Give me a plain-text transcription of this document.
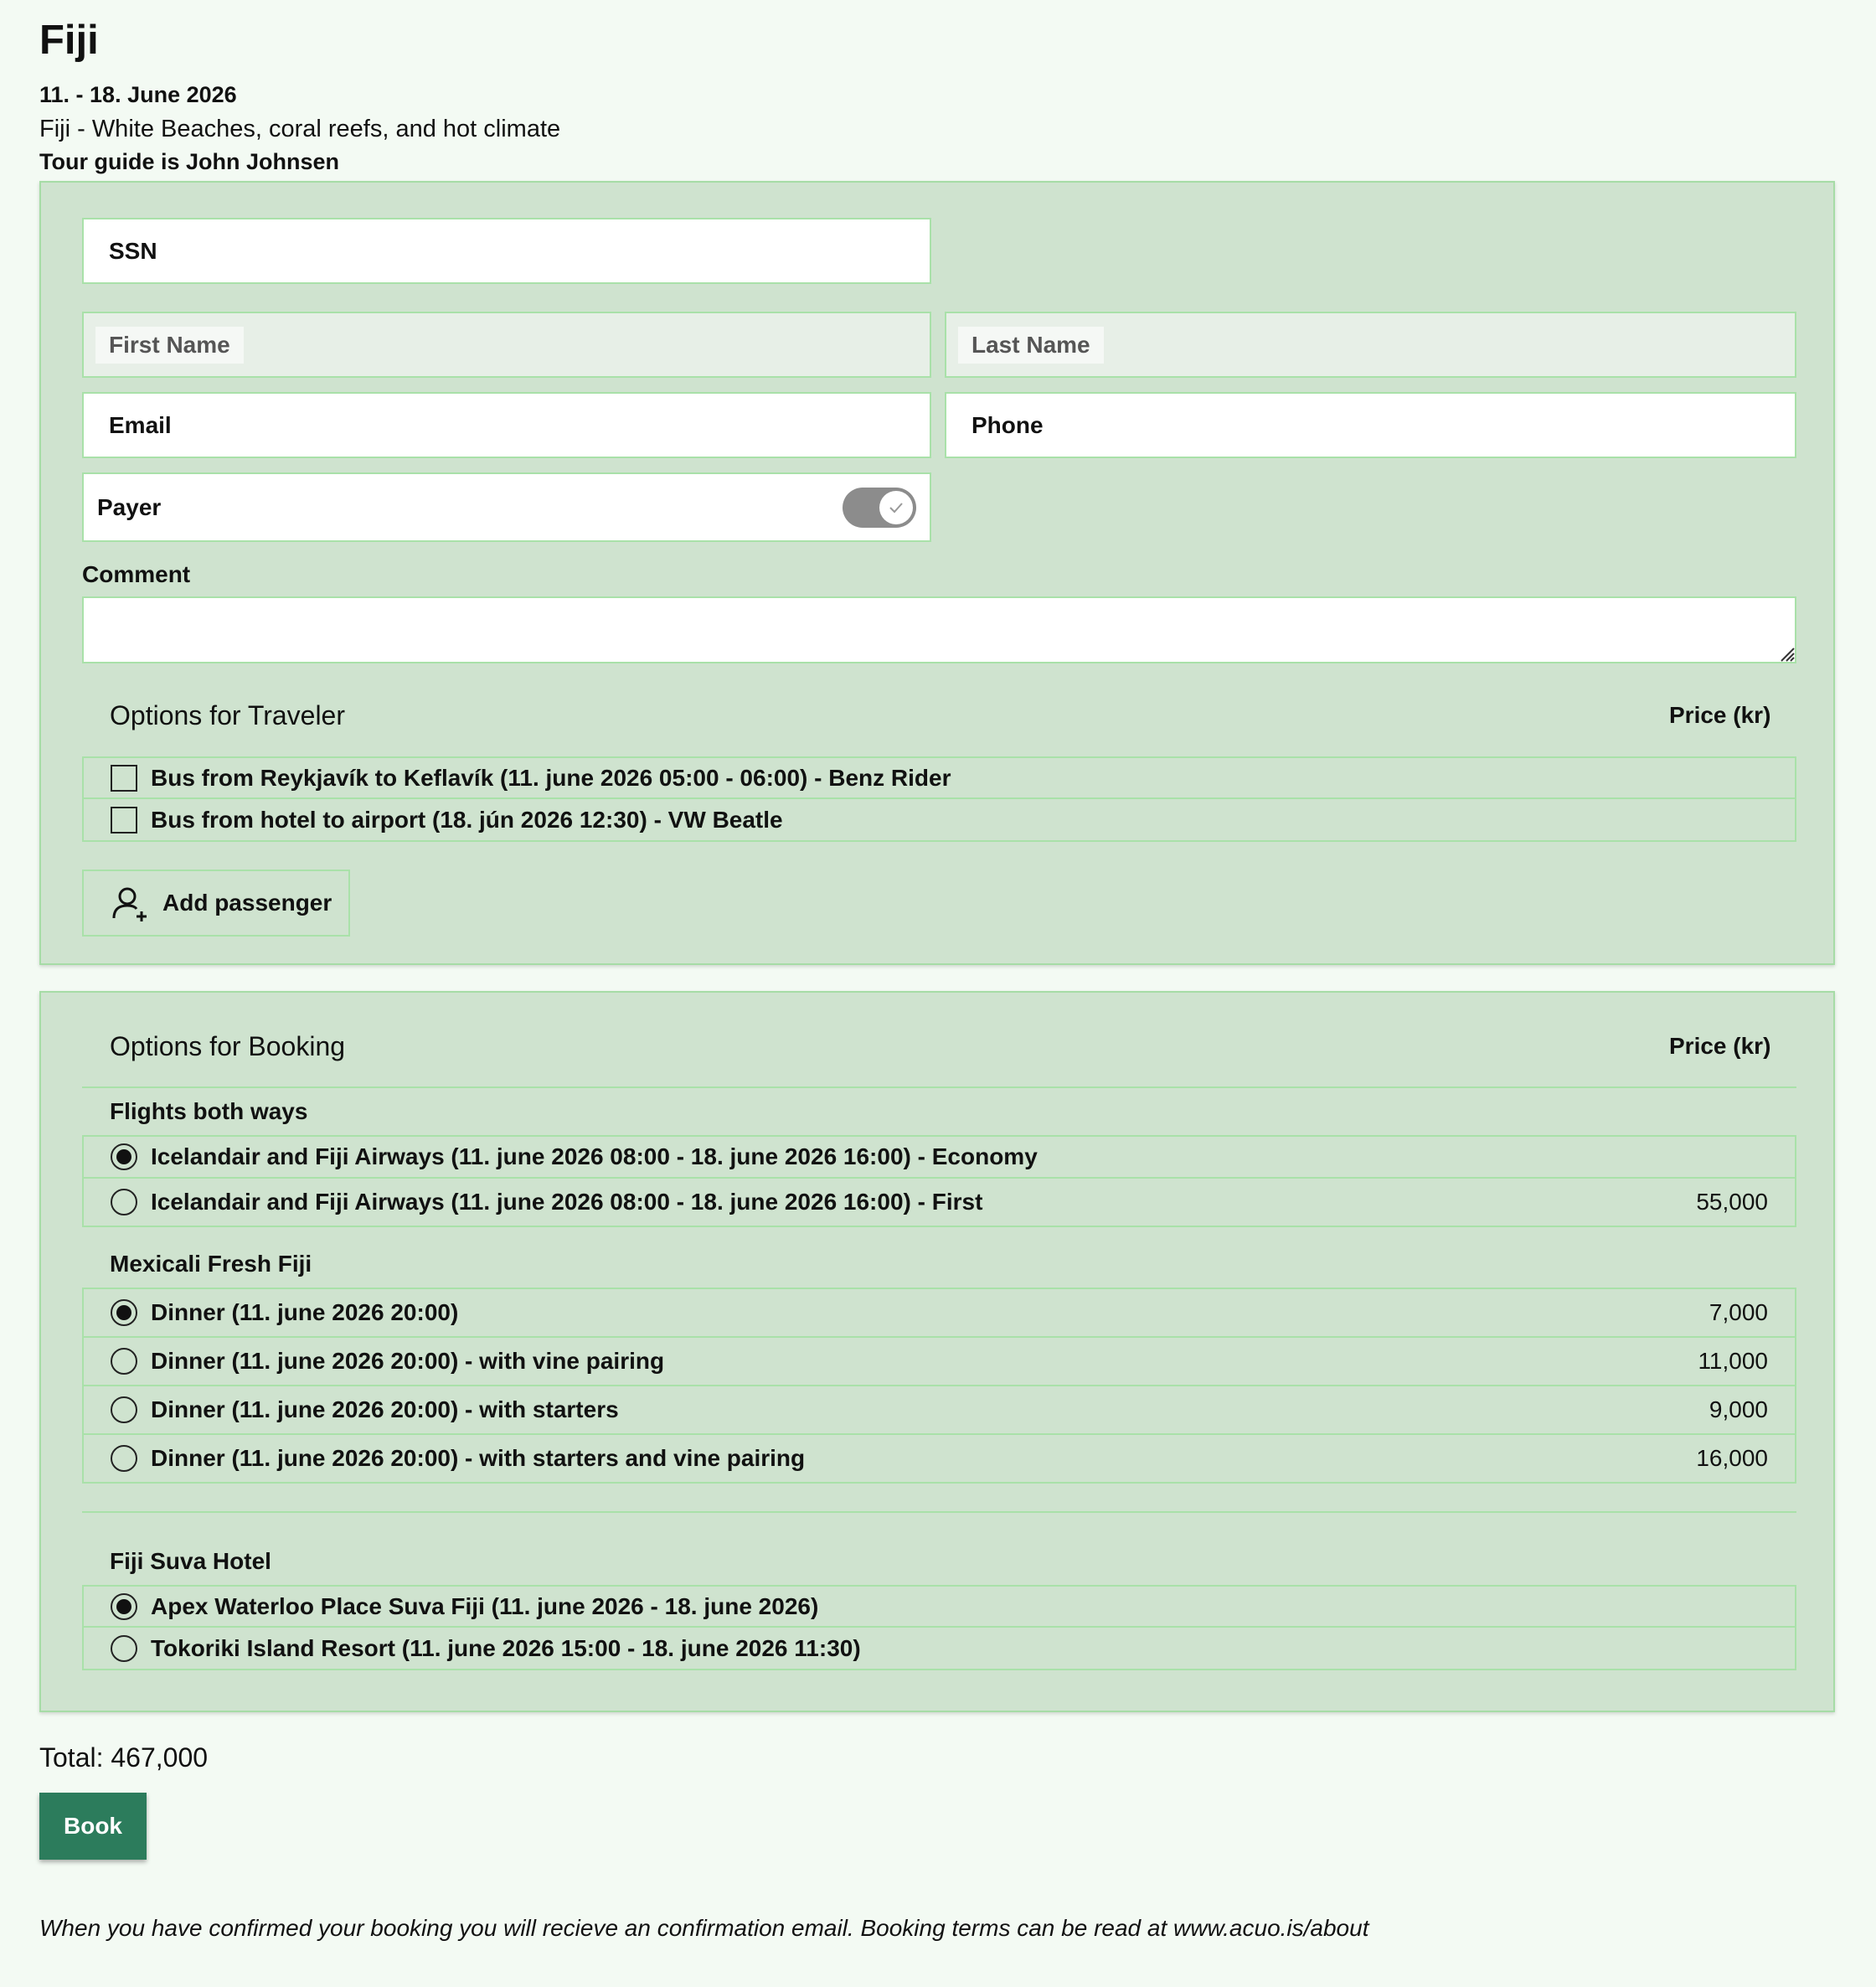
Fiji
11. - 18. June 2026
Fiji - White Beaches, coral reefs, and hot climate
Tour guide is John Johnsen
SSN
First Name	Last Name
Email	Phone
Payer
Comment
Options for Traveler	Price (kr)
Bus from Reykjavík to Keflavík (11. june 2026 05:00 - 06:00) - Benz Rider
Bus from hotel to airport (18. jún 2026 12:30) - VW Beatle
Add passenger
Options for Booking	Price (kr)
Flights both ways
Icelandair and Fiji Airways (11. june 2026 08:00 - 18. june 2026 16:00) - Economy
Icelandair and Fiji Airways (11. june 2026 08:00 - 18. june 2026 16:00) - First	55,000
Mexicali Fresh Fiji
Dinner (11. june 2026 20:00)	7,000
Dinner (11. june 2026 20:00) - with vine pairing	11,000
Dinner (11. june 2026 20:00) - with starters	9,000
Dinner (11. june 2026 20:00) - with starters and vine pairing	16,000
Fiji Suva Hotel
Apex Waterloo Place Suva Fiji (11. june 2026 - 18. june 2026)
Tokoriki Island Resort (11. june 2026 15:00 - 18. june 2026 11:30)
Total: 467,000
Book
When you have confirmed your booking you will recieve an confirmation email. Booking terms can be read at www.acuo.is/about
